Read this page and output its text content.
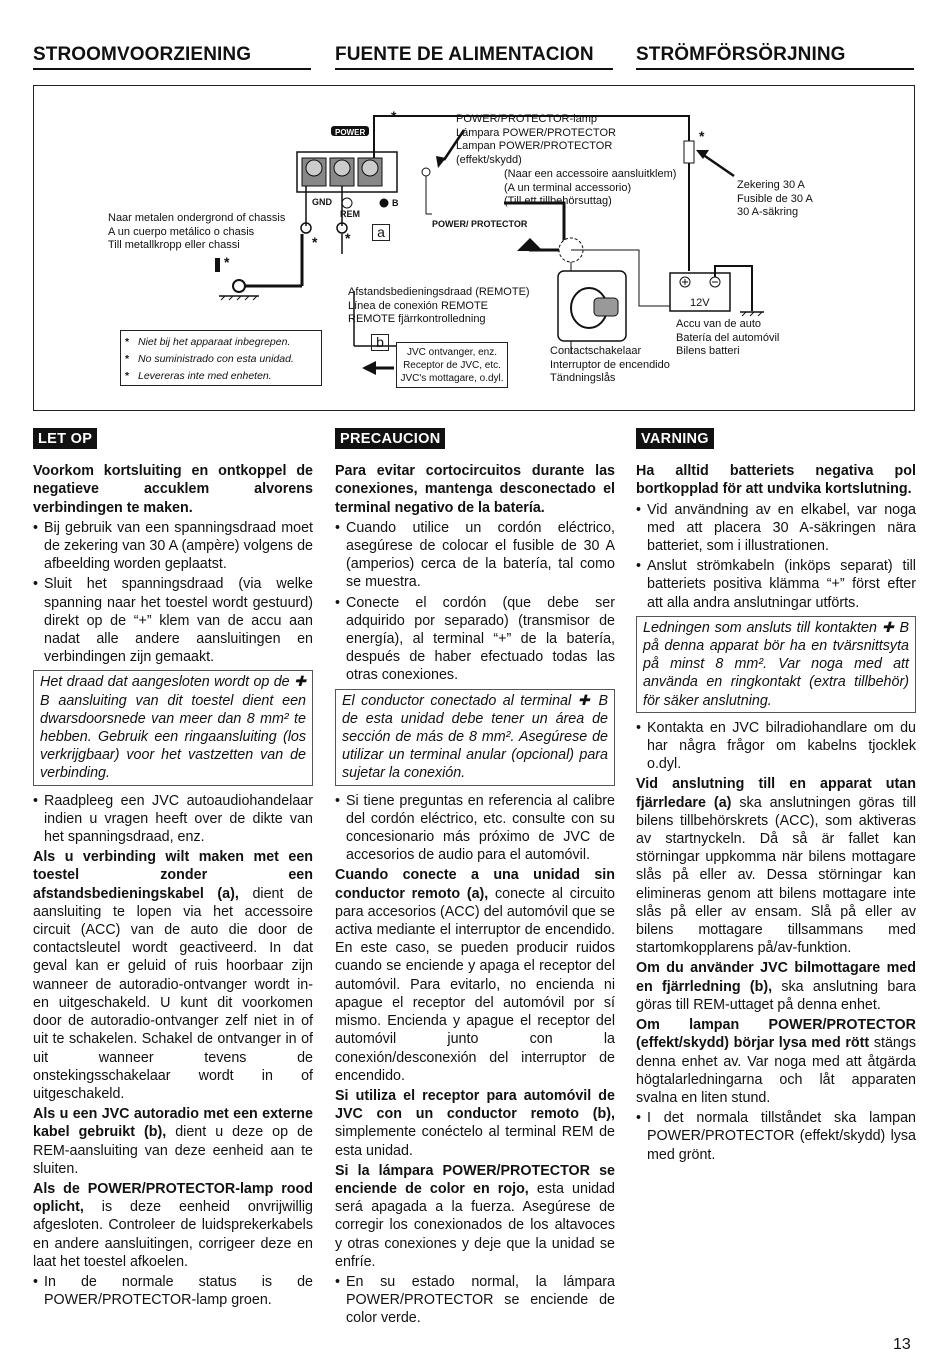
STROOMVOORZIENING	FUENTE DE ALIMENTACION	STRÖMFÖRSÖRJNING
POWER
GND
REM
B
*
*
* *
*
POWER/PROTECTOR-lamp
Lámpara POWER/PROTECTOR
Lampan POWER/PROTECTOR
(effekt/skydd)
(Naar een accessoire aansluitklem)
(A un terminal accessorio)
(Till ett tillbehörsuttag)
POWER/ PROTECTOR
Zekering 30 A
Fusible de 30 A
30 A-säkring
Naar metalen ondergrond of chassis
A un cuerpo metálico o chasis
Till metallkropp eller chassi
a
Afstandsbedieningsdraad (REMOTE)
Línea de conexión REMOTE
REMOTE fjärrkontrolledning
b
JVC ontvanger, enz.
Receptor de JVC, etc.
JVC's mottagare, o.dyl.
Contactschakelaar
Interruptor de encendido
Tändningslås
12V
Accu van de auto
Batería del automóvil
Bilens batteri
* Niet bij het apparaat inbegrepen.
* No suministrado con esta unidad.
* Levereras inte med enheten.
LET OP

Voorkom kortsluiting en ontkoppel de negatieve accuklem alvorens verbindingen te maken.

• Bij gebruik van een spanningsdraad moet de zekering van 30 A (ampère) volgens de afbeelding worden geplaatst.

• Sluit het spanningsdraad (via welke spanning naar het toestel wordt gestuurd) direkt op de “+” klem van de accu aan nadat alle andere aansluitingen en verbindingen zijn gemaakt.

Het draad dat aangesloten wordt op de ✚ B aansluiting van dit toestel dient een dwarsdoorsnede van meer dan 8 mm² te hebben. Gebruik een ringaansluiting (los verkrijgbaar) voor het vastzetten van de verbinding.

• Raadpleeg een JVC autoaudiohandelaar indien u vragen heeft over de dikte van het spanningsdraad, enz.

Als u verbinding wilt maken met een toestel zonder een afstandsbedieningskabel (a), dient de aansluiting te lopen via het accessoire circuit (ACC) van de auto die door de contactsleutel wordt geactiveerd. In dat geval kan er geluid of ruis hoorbaar zijn wanneer de autoradio-ontvanger wordt in- en uitgeschakeld. U kunt dit voorkomen door de autoradio-ontvanger zelf niet in of uit te schakelen. Schakel de ontvanger in of uit wanneer tevens de onstekingsschakelaar wordt in of uitgeschakeld.

Als u een JVC autoradio met een externe kabel gebruikt (b), dient u deze op de REM-aansluiting van deze eenheid aan te sluiten.

Als de POWER/PROTECTOR-lamp rood oplicht, is deze eenheid onvrijwillig afgesloten. Controleer de luidsprekerkabels en andere aansluitingen, corrigeer deze en laat het toestel afkoelen.

• In de normale status is de POWER/PROTECTOR-lamp groen.

PRECAUCION

Para evitar cortocircuitos durante las conexiones, mantenga desconectado el terminal negativo de la batería.

• Cuando utilice un cordón eléctrico, asegúrese de colocar el fusible de 30 A (amperios) cerca de la batería, tal como se muestra.

• Conecte el cordón (que debe ser adquirido por separado) (transmisor de energía), al terminal “+” de la batería, después de haber efectuado todas las otras conexiones.

El conductor conectado al terminal ✚ B de esta unidad debe tener un área de sección de más de 8 mm². Asegúrese de utilizar un terminal anular (opcional) para sujetar la conexión.

• Si tiene preguntas en referencia al calibre del cordón eléctrico, etc. consulte con su concesionario más próximo de JVC de accesorios de audio para el automóvil.

Cuando conecte a una unidad sin conductor remoto (a), conecte al circuito para accesorios (ACC) del automóvil que se activa mediante el interruptor de encendido. En este caso, se pueden producir ruidos cuando se enciende y apaga el receptor del automóvil. Para evitarlo, no encienda ni apague el receptor del automóvil por sí mismo. Encienda y apague el receptor del automóvil junto con la conexión/desconexión del interruptor de encendido.

Si utiliza el receptor para automóvil de JVC con un conductor remoto (b), simplemente conéctelo al terminal REM de esta unidad.

Si la lámpara POWER/PROTECTOR se enciende de color en rojo, esta unidad será apagada a la fuerza. Asegúrese de corregir los conexionados de los altavoces y otras conexiones y deje que la unidad se enfríe.

• En su estado normal, la lámpara POWER/PROTECTOR se enciende de color verde.

VARNING

Ha alltid batteriets negativa pol bortkopplad för att undvika kortslutning.

• Vid användning av en elkabel, var noga med att placera 30 A-säkringen nära batteriet, som i illustrationen.

• Anslut strömkabeln (inköps separat) till batteriets positiva klämma “+” först efter att alla andra anslutningar utförts.

Ledningen som ansluts till kontakten ✚ B på denna apparat bör ha en tvärsnittsyta på minst 8 mm². Var noga med att använda en ringkontakt (extra tillbehör) för säker anslutning.

• Kontakta en JVC bilradiohandlare om du har några frågor om kabelns tjocklek o.dyl.

Vid anslutning till en apparat utan fjärrledare (a) ska anslutningen göras till bilens tillbehörskrets (ACC), som aktiveras av startnyckeln. Då så är fallet kan störningar uppkomma när bilens mottagare slås på eller av. Dessa störningar kan elimineras genom att bilens mottagare inte slås på eller av ensam. Slå på eller av bilens mottagare tillsammans med startomkopplarens på/av-funktion.

Om du använder JVC bilmottagare med en fjärrledning (b), ska anslutning bara göras till REM-uttaget på denna enhet.

Om lampan POWER/PROTECTOR (effekt/skydd) börjar lysa med rött stängs denna enhet av. Var noga med att åtgärda högtalarledningarna och låt apparaten svalna en liten stund.

• I det normala tillståndet ska lampan POWER/PROTECTOR (effekt/skydd) lysa med grönt.

13
